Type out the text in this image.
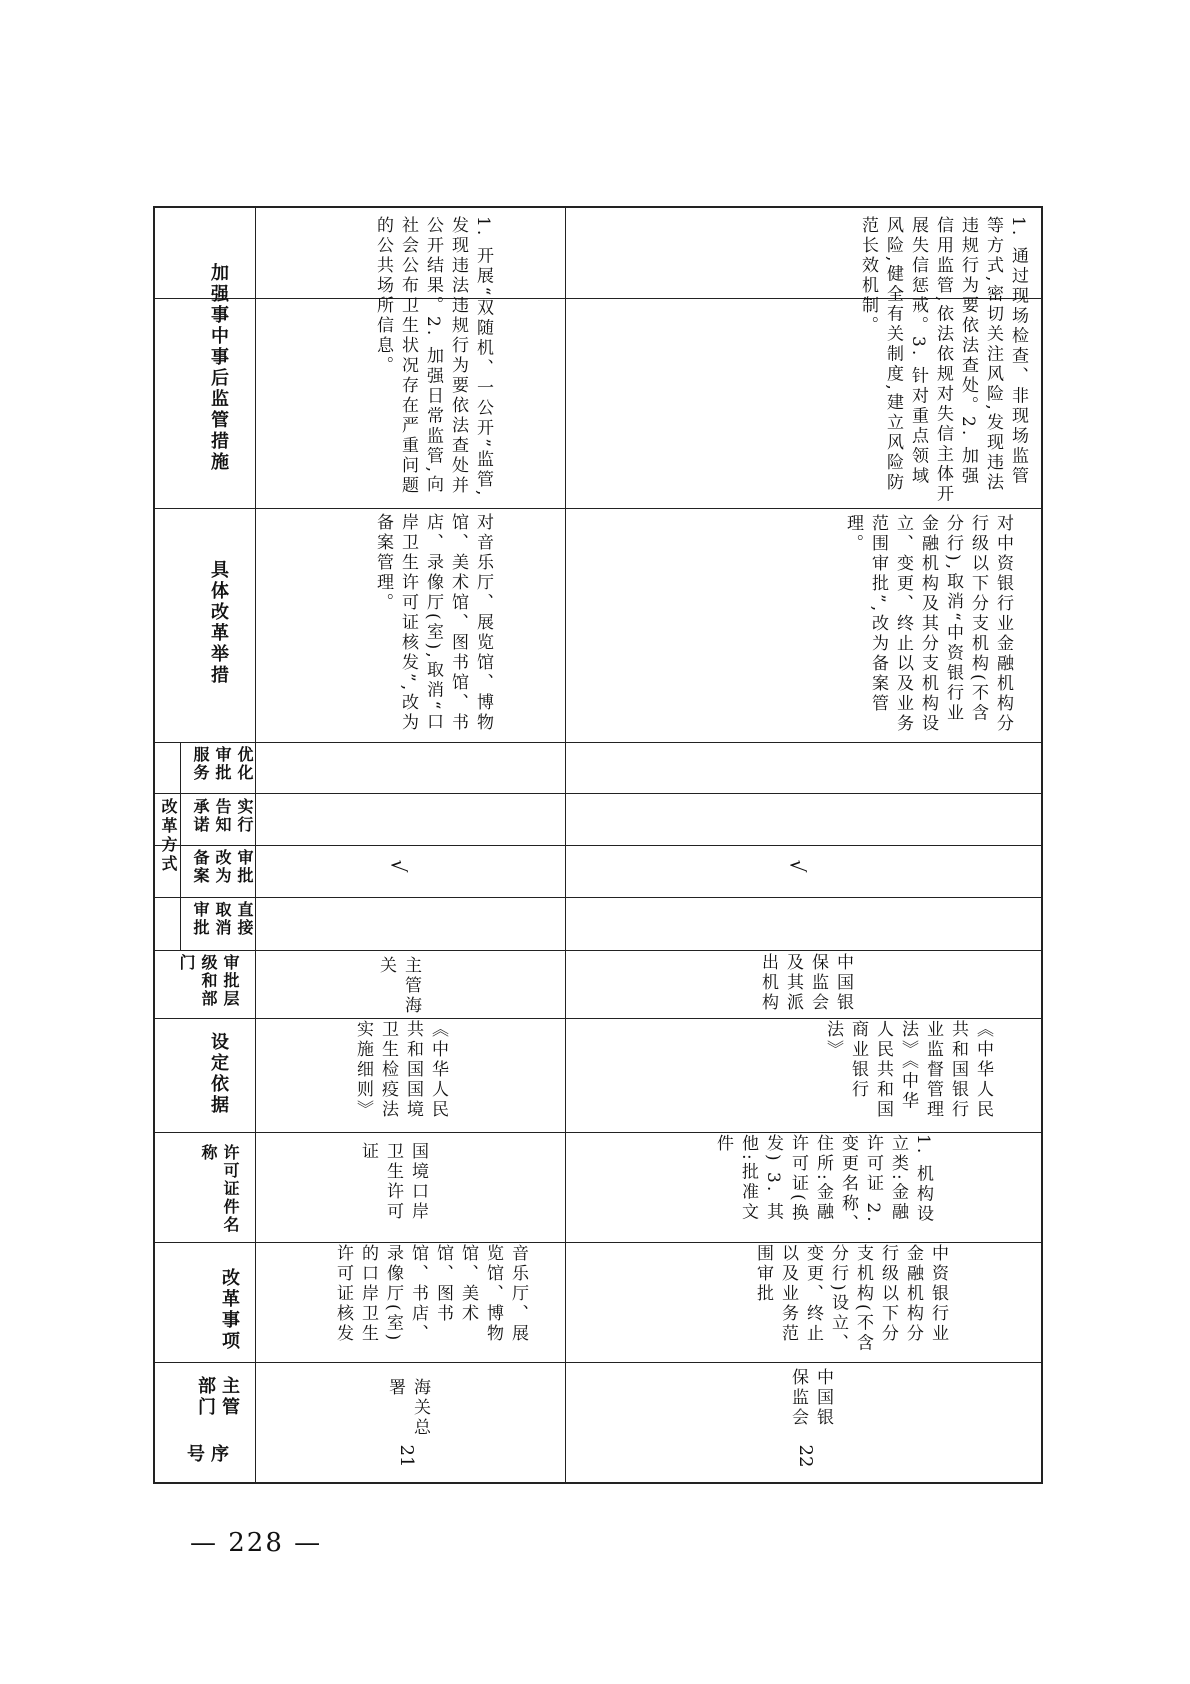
加强事中事后监管措施
具体改革举措
改革方式
优化审批服务
实行告知承诺
审批改为备案
直接取消审批
审批层级和部门
设定依据
许可证件名称
改革事项
主管部门
序号
1. 开展“双随机、一公开”监管,发现违法违规行为要依法查处并公开结果。2. 加强日常监管,向社会公布卫生状况存在严重问题的公共场所信息。
对音乐厅、展览馆、博物馆、美术馆、图书馆、书店、录像厅(室),取消“口岸卫生许可证核发”,改为备案管理。
√
主管海关
《中华人民共和国国境卫生检疫法实施细则》
国境口岸卫生许可证
音乐厅、展览馆、博物馆、美术馆、图书馆、书店、录像厅(室)的口岸卫生许可证核发
海关总署
21
1. 通过现场检查、非现场监管等方式,密切关注风险,发现违法违规行为要依法查处。2. 加强信用监管,依法依规对失信主体开展失信惩戒。3. 针对重点领域风险,健全有关制度,建立风险防范长效机制。
对中资银行业金融机构分行级以下分支机构(不含分行),取消“中资银行业金融机构及其分支机构设立、变更、终止以及业务范围审批”,改为备案管理。
√
中国银保监会及其派出机构
《中华人民共和国银行业监督管理法》《中华人民共和国商业银行法》
1. 机构设立类:金融许可证 2. 变更名称、住所:金融许可证(换发) 3. 其他:批准文件
中资银行业金融机构分行级以下分支机构(不含分行)设立、变更、终止以及业务范围审批
中国银保监会
22
— 228 —
